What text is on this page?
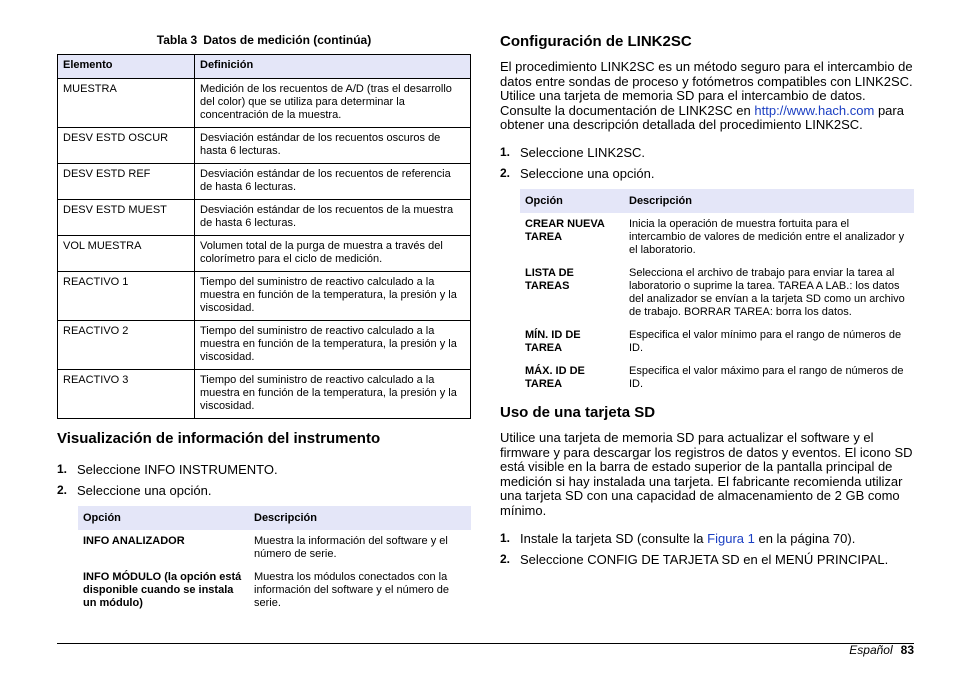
Tabla 3 Datos de medición (continúa)
Elemento	Definición
MUESTRA	Medición de los recuentos de A/D (tras el desarrollo del color) que se utiliza para determinar la concentración de la muestra.
DESV ESTD OSCUR	Desviación estándar de los recuentos oscuros de hasta 6 lecturas.
DESV ESTD REF	Desviación estándar de los recuentos de referencia de hasta 6 lecturas.
DESV ESTD MUEST	Desviación estándar de los recuentos de la muestra de hasta 6 lecturas.
VOL MUESTRA	Volumen total de la purga de muestra a través del colorímetro para el ciclo de medición.
REACTIVO 1	Tiempo del suministro de reactivo calculado a la muestra en función de la temperatura, la presión y la viscosidad.
REACTIVO 2	Tiempo del suministro de reactivo calculado a la muestra en función de la temperatura, la presión y la viscosidad.
REACTIVO 3	Tiempo del suministro de reactivo calculado a la muestra en función de la temperatura, la presión y la viscosidad.
Visualización de información del instrumento
1. Seleccione INFO INSTRUMENTO.
2. Seleccione una opción.
Opción	Descripción
INFO ANALIZADOR	Muestra la información del software y el número de serie.
INFO MÓDULO (la opción está disponible cuando se instala un módulo)	Muestra los módulos conectados con la información del software y el número de serie.
Configuración de LINK2SC

El procedimiento LINK2SC es un método seguro para el intercambio de datos entre sondas de proceso y fotómetros compatibles con LINK2SC. Utilice una tarjeta de memoria SD para el intercambio de datos. Consulte la documentación de LINK2SC en http://www.hach.com para obtener una descripción detallada del procedimiento LINK2SC.

1. Seleccione LINK2SC.
2. Seleccione una opción.
Opción	Descripción
CREAR NUEVA TAREA	Inicia la operación de muestra fortuita para el intercambio de valores de medición entre el analizador y el laboratorio.
LISTA DE TAREAS	Selecciona el archivo de trabajo para enviar la tarea al laboratorio o suprime la tarea. TAREA A LAB.: los datos del analizador se envían a la tarjeta SD como un archivo de trabajo. BORRAR TAREA: borra los datos.
MÍN. ID DE TAREA	Especifica el valor mínimo para el rango de números de ID.
MÁX. ID DE TAREA	Especifica el valor máximo para el rango de números de ID.
Uso de una tarjeta SD

Utilice una tarjeta de memoria SD para actualizar el software y el firmware y para descargar los registros de datos y eventos. El icono SD está visible en la barra de estado superior de la pantalla principal de medición si hay instalada una tarjeta. El fabricante recomienda utilizar una tarjeta SD con una capacidad de almacenamiento de 2 GB como mínimo.

1. Instale la tarjeta SD (consulte la Figura 1 en la página 70).
2. Seleccione CONFIG DE TARJETA SD en el MENÚ PRINCIPAL.
Español 83
